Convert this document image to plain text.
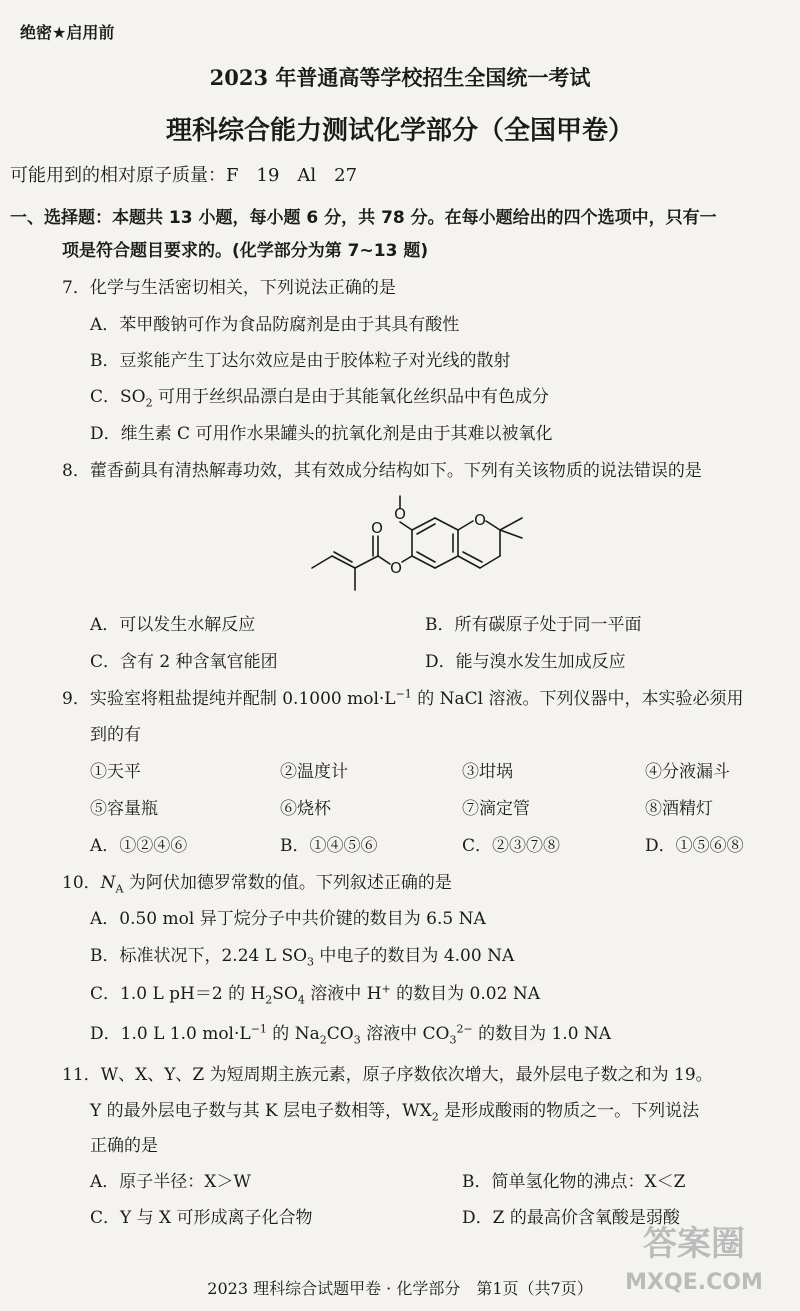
绝密★启用前
2023 年普通高等学校招生全国统一考试
理科综合能力测试化学部分（全国甲卷）
可能用到的相对原子质量：F　19　Al　27
一、选择题：本题共 13 小题，每小题 6 分，共 78 分。在每小题给出的四个选项中，只有一
项是符合题目要求的。(化学部分为第 7~13 题)
7．化学与生活密切相关，下列说法正确的是
A．苯甲酸钠可作为食品防腐剂是由于其具有酸性
B．豆浆能产生丁达尔效应是由于胶体粒子对光线的散射
C．$SO_2$ 可用于丝织品漂白是由于其能氧化丝织品中有色成分
D．维生素 C 可用作水果罐头的抗氧化剂是由于其难以被氧化
8．藿香蓟具有清热解毒功效，其有效成分结构如下。下列有关该物质的说法错误的是
O	O
O
O
A．可以发生水解反应	B．所有碳原子处于同一平面
C．含有 2 种含氧官能团	D．能与溴水发生加成反应
9．实验室将粗盐提纯并配制 0.1000 $mol\cdot L^{-1}$ 的 NaCl 溶液。下列仪器中，本实验必须用
到的有
①天平	②温度计	③坩埚	④分液漏斗
⑤容量瓶	⑥烧杯	⑦滴定管	⑧酒精灯
A．①②④⑥	B．①④⑤⑥	C．②③⑦⑧	D．①⑤⑥⑧
10．$N_A$ 为阿伏加德罗常数的值。下列叙述正确的是
A．0.50 mol 异丁烷分子中共价键的数目为 6.5 NA
B．标准状况下，2.24 L $SO_3$ 中电子的数目为 4.00 NA
C．1.0 L pH＝2 的 $H_2SO_4$ 溶液中 H+ 的数目为 0.02 NA
D．1.0 L 1.0 $mol\cdot L^{-1}$ 的 $Na_2CO_3$ 溶液中 $CO_3^{2-}$ 的数目为 1.0 NA
11．W、X、Y、Z 为短周期主族元素，原子序数依次增大，最外层电子数之和为 19。
Y 的最外层电子数与其 K 层电子数相等，$WX_2$ 是形成酸雨的物质之一。下列说法
正确的是
A．原子半径：X＞W	B．简单氢化物的沸点：X＜Z
C．Y 与 X 可形成离子化合物	D．Z 的最高价含氧酸是弱酸
2023 理科综合试题甲卷 · 化学部分　第1页（共7页）
答案圈
MXQE.COM
